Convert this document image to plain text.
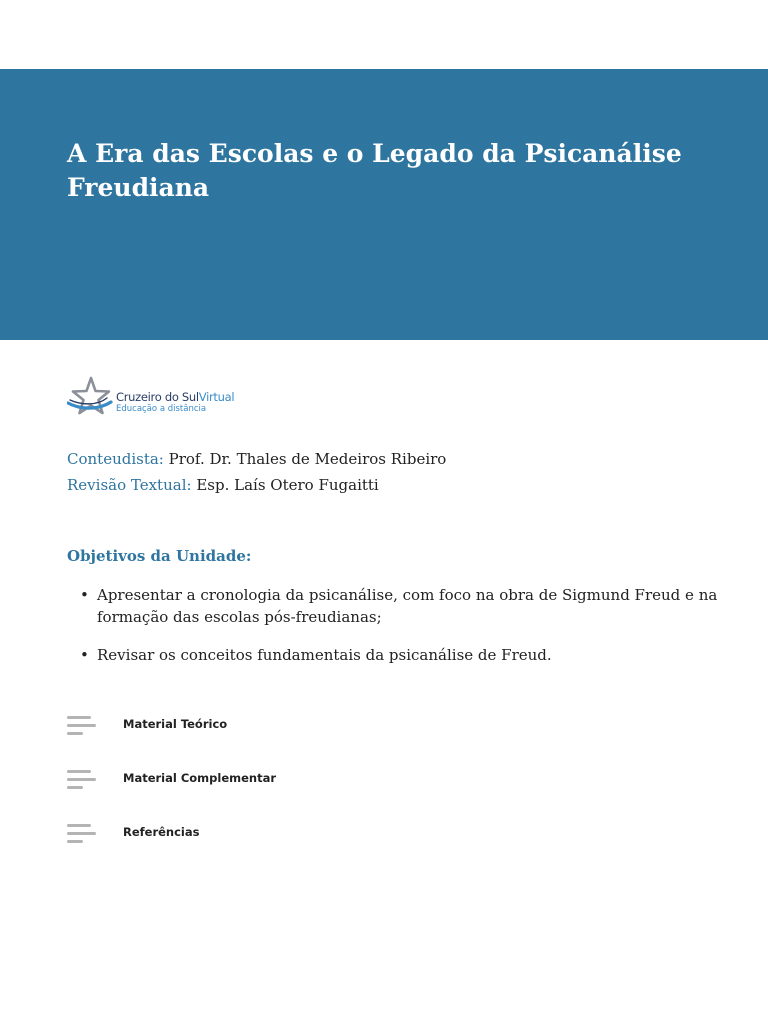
A Era das Escolas e o Legado da Psicanálise Freudiana
Cruzeiro do SulVirtual
Educação a distância
Conteudista: Prof. Dr. Thales de Medeiros Ribeiro
Revisão Textual: Esp. Laís Otero Fugaitti
Objetivos da Unidade:
• Apresentar a cronologia da psicanálise, com foco na obra de Sigmund Freud e na formação das escolas pós-freudianas;
• Revisar os conceitos fundamentais da psicanálise de Freud.
Material Teórico
Material Complementar
Referências
